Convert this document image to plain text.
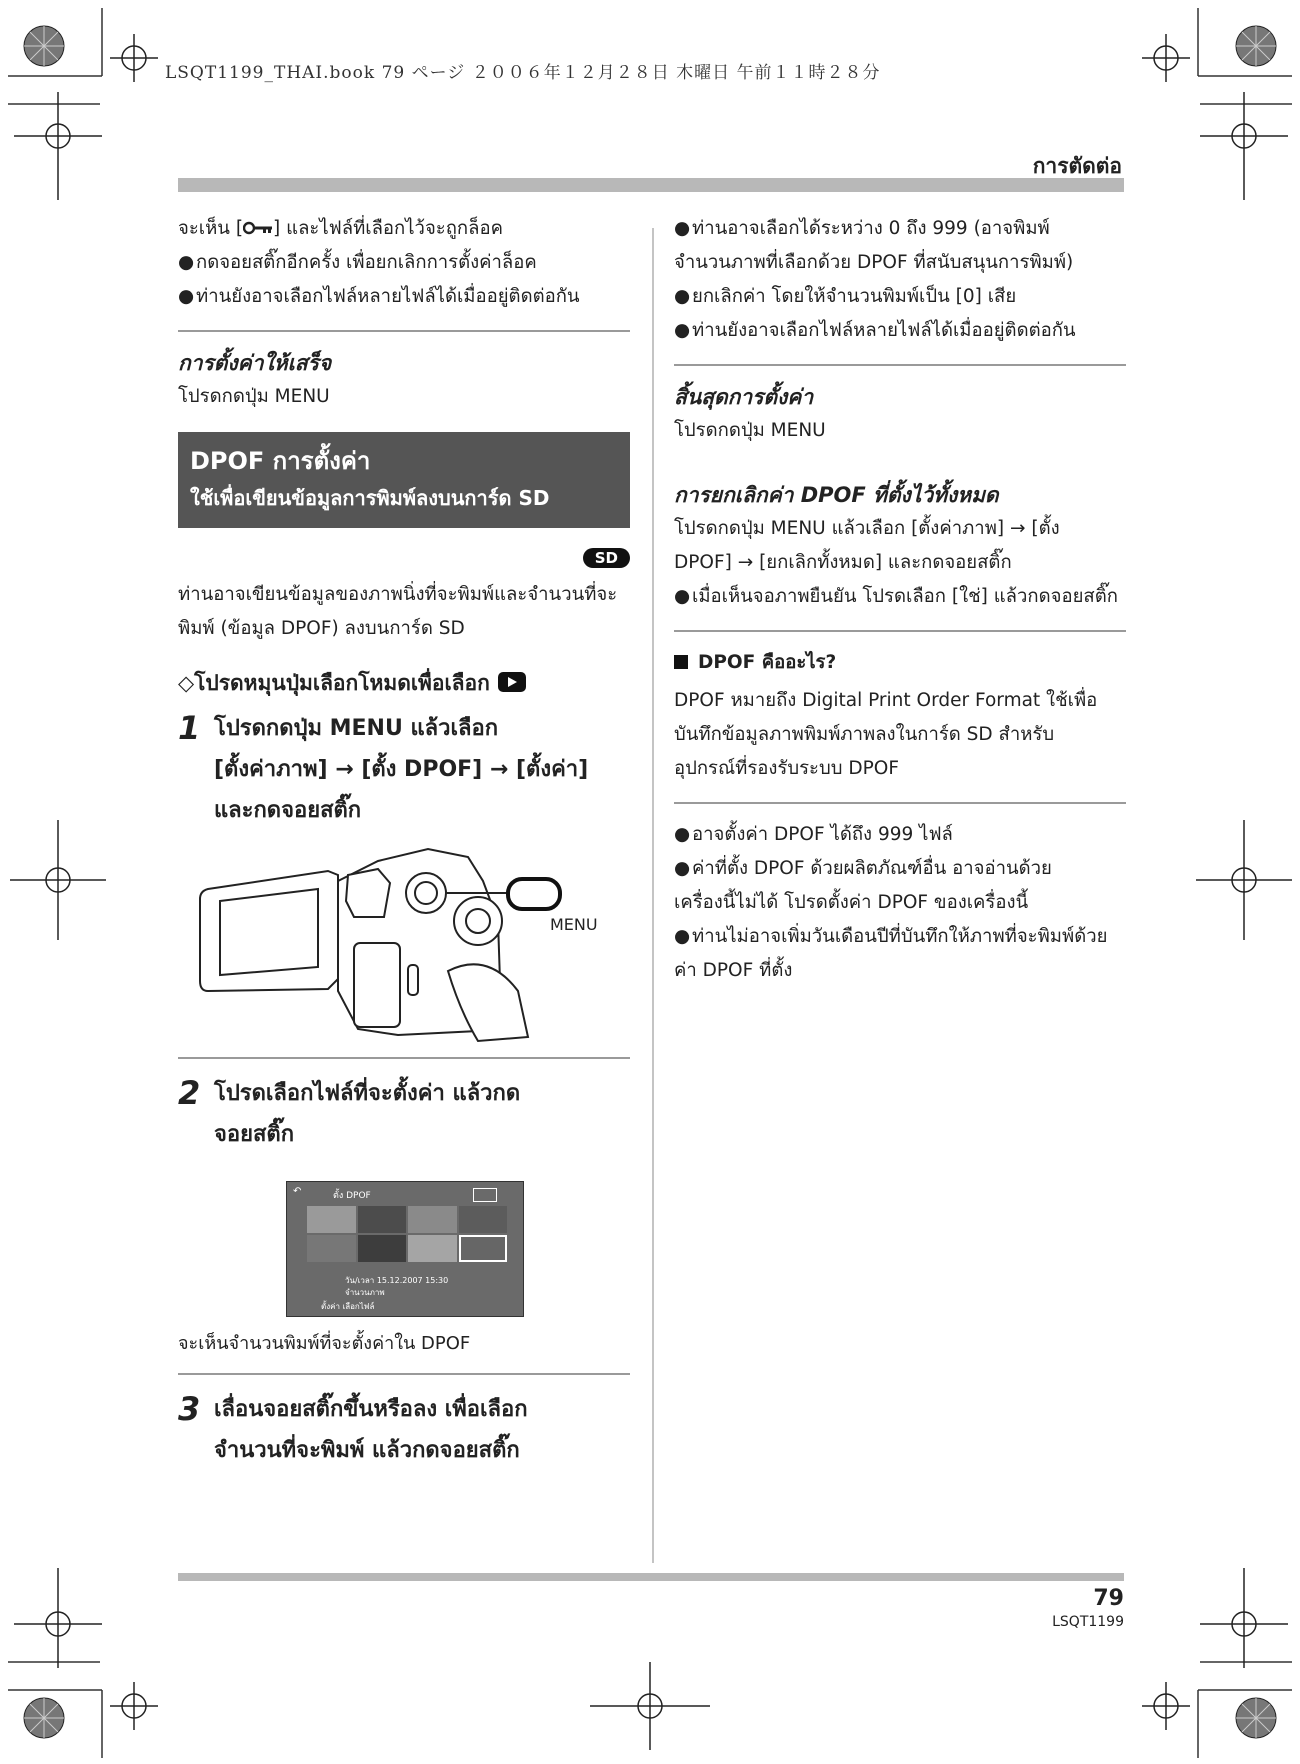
LSQT1199_THAI.book 79 ページ ２００６年１２月２８日 木曜日 午前１１時２８分
การตัดต่อ

จะเห็น [ ] และไฟล์ที่เลือกไว้จะถูกล็อค

●กดจอยสติ๊กอีกครั้ง เพื่อยกเลิกการตั้งค่าล็อค

●ท่านยังอาจเลือกไฟล์หลายไฟล์ได้เมื่ออยู่ติดต่อกัน

การตั้งค่าให้เสร็จ

โปรดกดปุ่ม MENU

DPOF การตั้งค่า
ใช้เพื่อเขียนข้อมูลการพิมพ์ลงบนการ์ด SD
SD

ท่านอาจเขียนข้อมูลของภาพนิ่งที่จะพิมพ์และจำนวนที่จะ

พิมพ์ (ข้อมูล DPOF) ลงบนการ์ด SD

◇โปรดหมุนปุ่มเลือกโหมดเพื่อเลือก

1 โปรดกดปุ่ม MENU แล้วเลือก
[ตั้งค่าภาพ] → [ตั้ง DPOF] → [ตั้งค่า]
และกดจอยสติ๊ก
MENU
2 โปรดเลือกไฟล์ที่จะตั้งค่า แล้วกด
จอยสติ๊ก
↶	ตั้ง DPOF
วัน/เวลา 15.12.2007 15:30
จำนวนภาพ
ตั้งค่า เลือกไฟล์

จะเห็นจำนวนพิมพ์ที่จะตั้งค่าใน DPOF

3 เลื่อนจอยสติ๊กขึ้นหรือลง เพื่อเลือก
จำนวนที่จะพิมพ์ แล้วกดจอยสติ๊ก

●ท่านอาจเลือกได้ระหว่าง 0 ถึง 999 (อาจพิมพ์
จำนวนภาพที่เลือกด้วย DPOF ที่สนับสนุนการพิมพ์)

●ยกเลิกค่า โดยให้จำนวนพิมพ์เป็น [0] เสีย

●ท่านยังอาจเลือกไฟล์หลายไฟล์ได้เมื่ออยู่ติดต่อกัน

สิ้นสุดการตั้งค่า

โปรดกดปุ่ม MENU

การยกเลิกค่า DPOF ที่ตั้งไว้ทั้งหมด

โปรดกดปุ่ม MENU แล้วเลือก [ตั้งค่าภาพ] → [ตั้ง

DPOF] → [ยกเลิกทั้งหมด] และกดจอยสติ๊ก

●เมื่อเห็นจอภาพยืนยัน โปรดเลือก [ใช่] แล้วกดจอยสติ๊ก

DPOF คืออะไร?

DPOF หมายถึง Digital Print Order Format ใช้เพื่อ

บันทึกข้อมูลภาพพิมพ์ภาพลงในการ์ด SD สำหรับ

อุปกรณ์ที่รองรับระบบ DPOF

●อาจตั้งค่า DPOF ได้ถึง 999 ไฟล์

●ค่าที่ตั้ง DPOF ด้วยผลิตภัณฑ์อื่น อาจอ่านด้วย
เครื่องนี้ไม่ได้ โปรดตั้งค่า DPOF ของเครื่องนี้

●ท่านไม่อาจเพิ่มวันเดือนปีที่บันทึกให้ภาพที่จะพิมพ์ด้วย
ค่า DPOF ที่ตั้ง

79
LSQT1199
